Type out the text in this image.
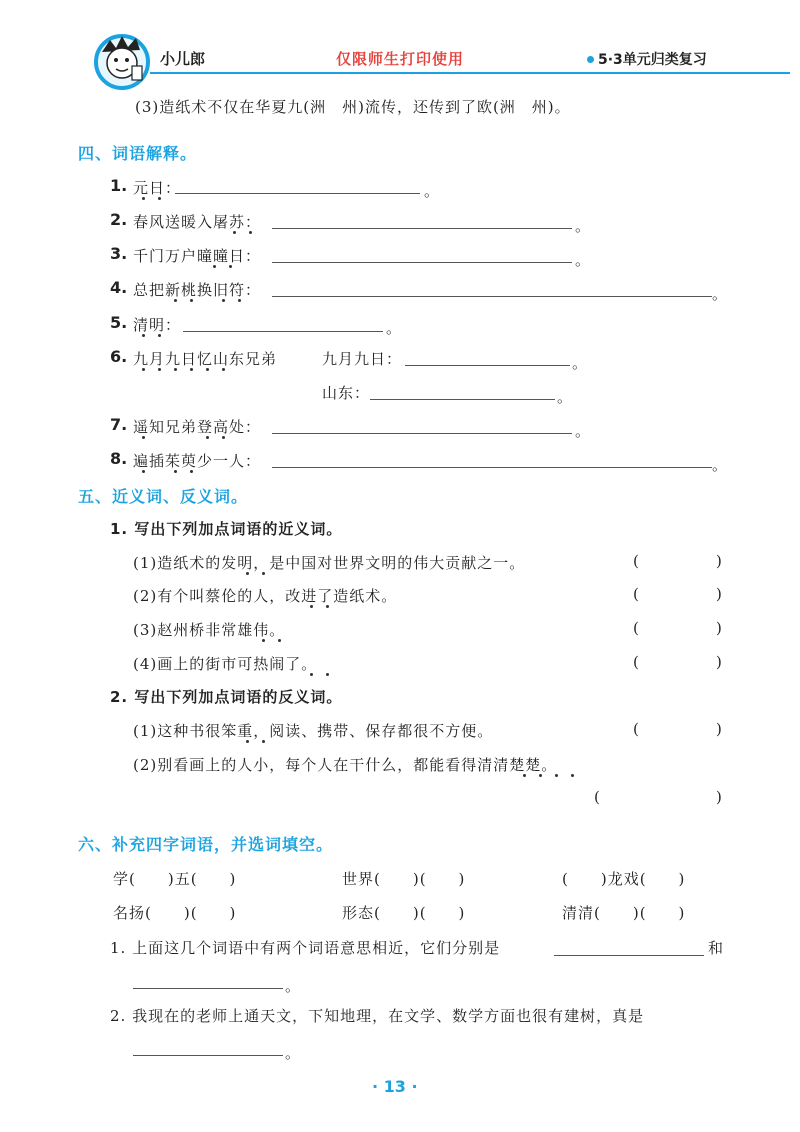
小儿郎	仅限师生打印使用	5·3单元归类复习
(3)造纸术不仅在华夏九(洲　州)流传，还传到了欧(洲　州)。
四、词语解释。
1. 元日：	。
2. 春风送暖入屠苏：	。
3. 千门万户曈曈日：	。
4. 总把新桃换旧符：	。
5. 清明：	。
6. 九月九日忆山东兄弟	九月九日：	。
山东：	。
7. 遥知兄弟登高处：	。
8. 遍插茱萸少一人：	。
五、近义词、反义词。
1. 写出下列加点词语的近义词。
(1)造纸术的发明，是中国对世界文明的伟大贡献之一。	(	)
(2)有个叫蔡伦的人，改进了造纸术。	(	)
(3)赵州桥非常雄伟。	(	)
(4)画上的街市可热闹了。	(	)
2. 写出下列加点词语的反义词。
(1)这种书很笨重，阅读、携带、保存都很不方便。	(	)
(2)别看画上的人小，每个人在干什么，都能看得清清楚楚。
(	)
六、补充四字词语，并选词填空。
学(　　)五(　　)	世界(　　)(　　)	(　　)龙戏(　　)
名扬(　　)(　　)	形态(　　)(　　)	清清(　　)(　　)
1. 上面这几个词语中有两个词语意思相近，它们分别是	和
。
2. 我现在的老师上通天文，下知地理，在文学、数学方面也很有建树，真是
。
· 13 ·
